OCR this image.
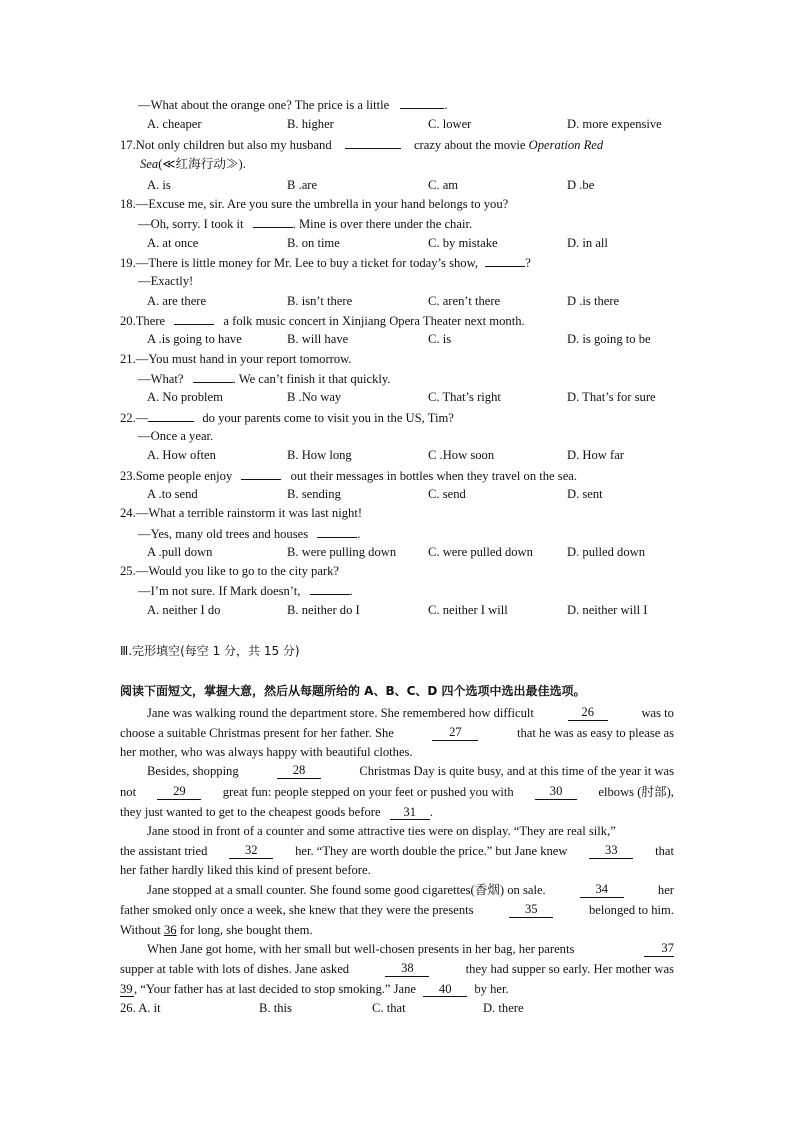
—What about the orange one? The price is a little	.
A. cheaper	B. higher	C. lower	D. more expensive
17.Not only children but also my husband	crazy about the movie Operation Red
Sea(≪红海行动≫).
A. is	B .are	C. am	D .be
18.—Excuse me, sir. Are you sure the umbrella in your hand belongs to you?
—Oh, sorry. I took it	. Mine is over there under the chair.
A. at once	B. on time	C. by mistake	D. in all
19.—There is little money for Mr. Lee to buy a ticket for today’s show,	?
—Exactly!
A. are there	B. isn’t there	C. aren’t there	D .is there
20.There	a folk music concert in Xinjiang Opera Theater next month.
A .is going to have	B. will have	C. is	D. is going to be
21.—You must hand in your report tomorrow.
—What?	. We can’t finish it that quickly.
A. No problem	B .No way	C. That’s right	D. That’s for sure
22.—	do your parents come to visit you in the US, Tim?
—Once a year.
A. How often	B. How long	C .How soon	D. How far
23.Some people enjoy	out their messages in bottles when they travel on the sea.
A .to send	B. sending	C. send	D. sent
24.—What a terrible rainstorm it was last night!
—Yes, many old trees and houses	.
A .pull down	B. were pulling down	C. were pulled down	D. pulled down
25.—Would you like to go to the city park?
—I’m not sure. If Mark doesn’t,	.
A. neither I do	B. neither do I	C. neither I will	D. neither will I
Ⅲ.完形填空(每空 1 分，共 15 分)
阅读下面短文，掌握大意，然后从每题所给的 A、B、C、D 四个选项中选出最佳选项。
Jane was walking round the department store. She remembered how difficult	26	was to
choose a suitable Christmas present for her father. She	27	that he was as easy to please as
her mother, who was always happy with beautiful clothes.
Besides, shopping	28	Christmas Day is quite busy, and at this time of the year it was
not	29	great fun: people stepped on your feet or pushed you with	30	elbows (肘部),
they just wanted to get to the cheapest goods before 31 .
Jane stood in front of a counter and some attractive ties were on display. “They are real silk,”
the assistant tried	32	her. “They are worth double the price.” but Jane knew	33	that
her father hardly liked this kind of present before.
Jane stopped at a small counter. She found some good cigarettes(香烟) on sale.	34	her
father smoked only once a week, she knew that they were the presents	35	belonged to him.
Without 36 for long, she bought them.
When Jane got home, with her small but well-chosen presents in her bag, her parents	37
supper at table with lots of dishes. Jane asked	38	they had supper so early. Her mother was
39, “Your father has at last decided to stop smoking.” Jane 40 by her.
26. A. it	B. this	C. that	D. there
